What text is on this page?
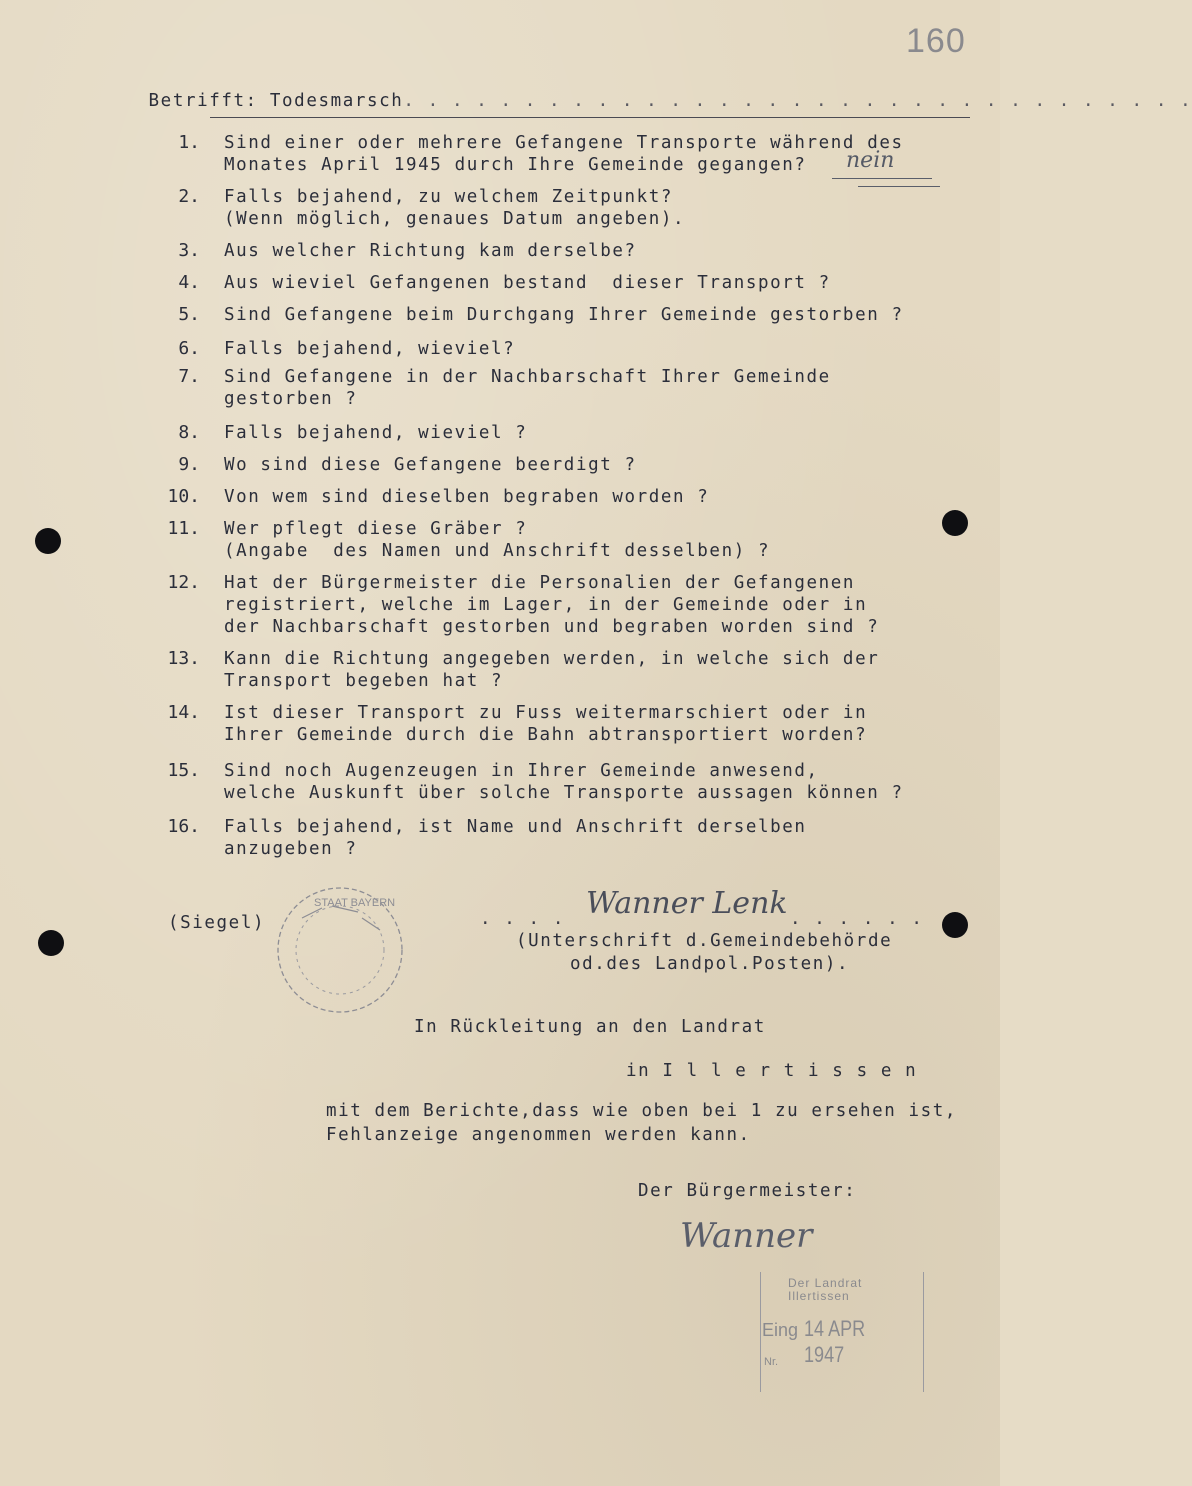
160

Betrifft: Todesmarsch. . . . . . . . . . . . . . . . . . . . . . . . . . . . . . . . .

1. Sind einer oder mehrere Gefangene Transporte während des
Monates April 1945 durch Ihre Gemeinde gegangen?
2. Falls bejahend, zu welchem Zeitpunkt?
(Wenn möglich, genaues Datum angeben).
3. Aus welcher Richtung kam derselbe?
4. Aus wieviel Gefangenen bestand  dieser Transport ?
5. Sind Gefangene beim Durchgang Ihrer Gemeinde gestorben ?
6. Falls bejahend, wieviel?
7. Sind Gefangene in der Nachbarschaft Ihrer Gemeinde
gestorben ?
8. Falls bejahend, wieviel ?
9. Wo sind diese Gefangene beerdigt ?
10. Von wem sind dieselben begraben worden ?
11. Wer pflegt diese Gräber ?
(Angabe  des Namen und Anschrift desselben) ?
12. Hat der Bürgermeister die Personalien der Gefangenen
registriert, welche im Lager, in der Gemeinde oder in
der Nachbarschaft gestorben und begraben worden sind ?
13. Kann die Richtung angegeben werden, in welche sich der
Transport begeben hat ?
14. Ist dieser Transport zu Fuss weitermarschiert oder in
Ihrer Gemeinde durch die Bahn abtransportiert worden?
15. Sind noch Augenzeugen in Ihrer Gemeinde anwesend,
welche Auskunft über solche Transporte aussagen können ?
16. Falls bejahend, ist Name und Anschrift derselben
anzugeben ?
nein
(Siegel)
STAAT BAYERN
. . . . Wanner Lenk . . . . . .
(Unterschrift d.Gemeindebehörde
od.des Landpol.Posten).
In Rückleitung an den Landrat
in I l l e r t i s s e n
mit dem Berichte,dass wie oben bei 1 zu ersehen ist,
Fehlanzeige angenommen werden kann.
Der Bürgermeister:
Wanner
Der Landrat
Illertissen
Eing 14 APR 1947
Nr.
